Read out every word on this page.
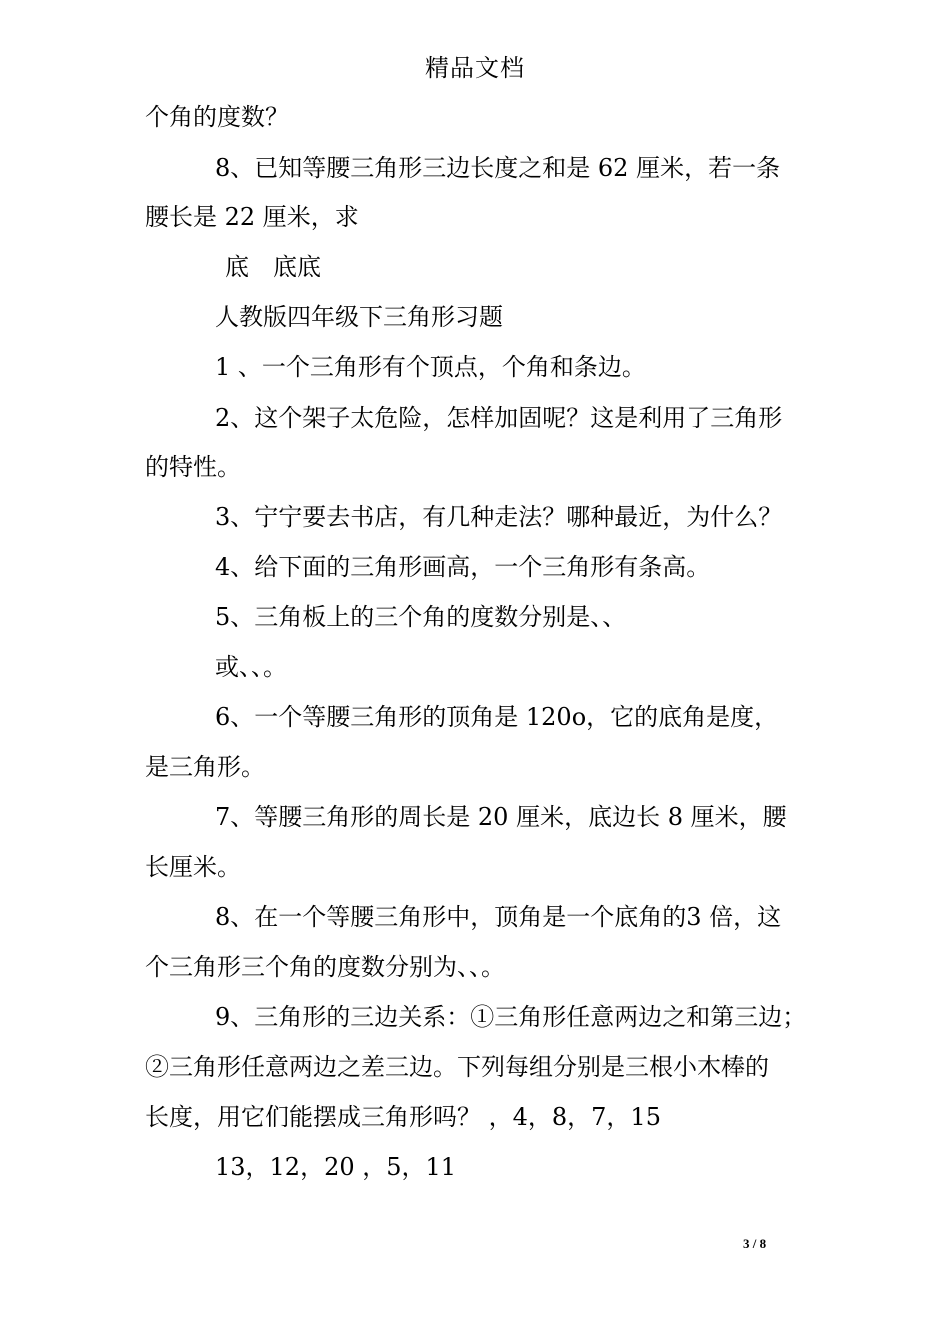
精品文档
个角的度数？
8、已知等腰三角形三边长度之和是 62 厘米，若一条
腰长是 22 厘米，求
底　底底
人教版四年级下三角形习题
1 、一个三角形有个顶点，个角和条边。
2、这个架子太危险，怎样加固呢？这是利用了三角形
的特性。
3、宁宁要去书店，有几种走法？哪种最近，为什么？
4、给下面的三角形画高，一个三角形有条高。
5、三角板上的三个角的度数分别是、、
或、、。
6、一个等腰三角形的顶角是 120o，它的底角是度，
是三角形。
7、等腰三角形的周长是 20 厘米，底边长 8 厘米，腰
长厘米。
8、在一个等腰三角形中，顶角是一个底角的3 倍，这
个三角形三个角的度数分别为、、。
9、三角形的三边关系：①三角形任意两边之和第三边；
②三角形任意两边之差三边。下列每组分别是三根小木棒的
长度，用它们能摆成三角形吗？ ，4，8，7，15
13，12，20 ，5，11
3 / 8
